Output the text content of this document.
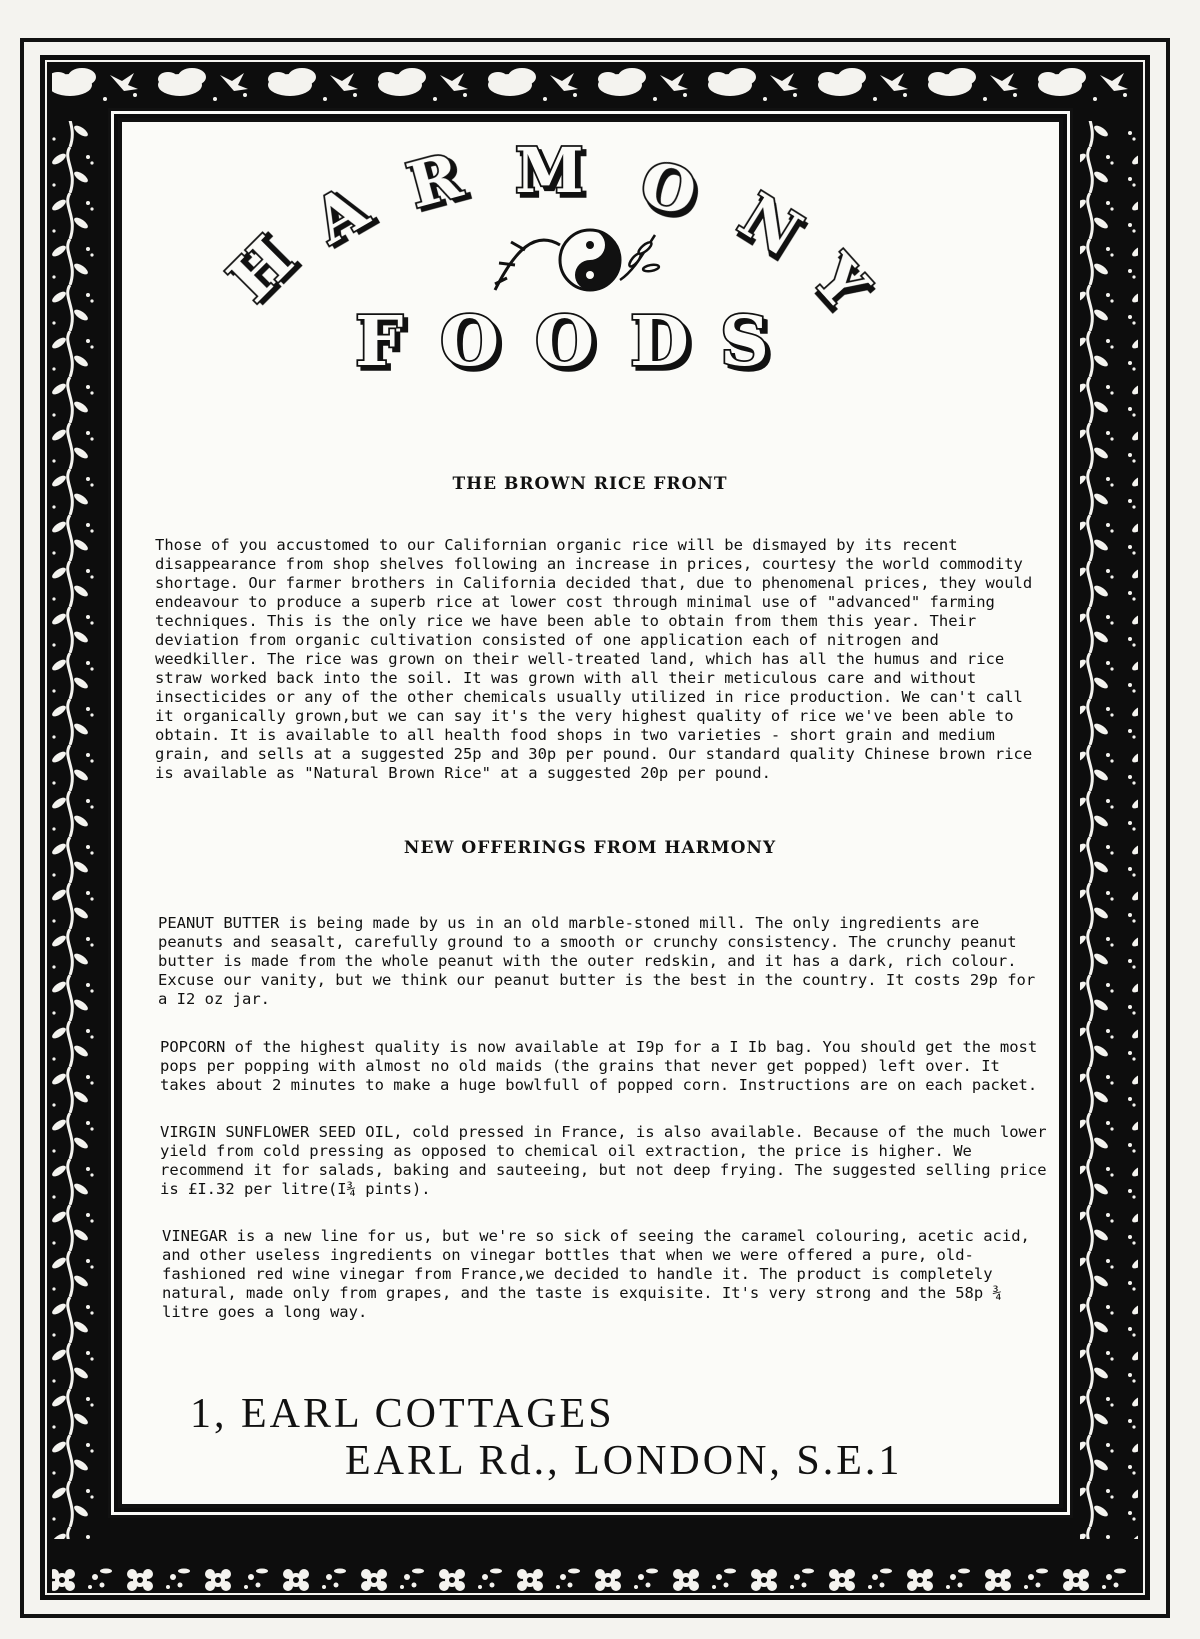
H
A R M O N
Y
F O O D S
THE BROWN RICE FRONT

Those of you accustomed to our Californian organic rice will be dismayed by its recent disappearance from shop shelves following an increase in prices, courtesy the world commodity shortage. Our farmer brothers in California decided that, due to phenomenal prices, they would endeavour to produce a superb rice at lower cost through minimal use of "advanced" farming techniques. This is the only rice we have been able to obtain from them this year. Their deviation from organic cultivation consisted of one application each of nitrogen and weedkiller. The rice was grown on their well-treated land, which has all the humus and rice straw worked back into the soil. It was grown with all their meticulous care and without insecticides or any of the other chemicals usually utilized in rice production. We can't call it organically grown,but we can say it's the very highest quality of rice we've been able to obtain. It is available to all health food shops in two varieties - short grain and medium grain, and sells at a suggested 25p and 30p per pound. Our standard quality Chinese brown rice is available as "Natural Brown Rice" at a suggested 20p per pound.

NEW OFFERINGS FROM HARMONY

PEANUT BUTTER is being made by us in an old marble-stoned mill. The only ingredients are peanuts and seasalt, carefully ground to a smooth or crunchy consistency. The crunchy peanut butter is made from the whole peanut with the outer redskin, and it has a dark, rich colour. Excuse our vanity, but we think our peanut butter is the best in the country. It costs 29p for a I2 oz jar.

POPCORN of the highest quality is now available at I9p for a I Ib bag. You should get the most pops per popping with almost no old maids (the grains that never get popped) left over. It takes about 2 minutes to make a huge bowlfull of popped corn. Instructions are on each packet.

VIRGIN SUNFLOWER SEED OIL, cold pressed in France, is also available. Because of the much lower yield from cold pressing as opposed to chemical oil extraction, the price is higher. We recommend it for salads, baking and sauteeing, but not deep frying. The suggested selling price is £I.32 per litre(I¾ pints).

VINEGAR is a new line for us, but we're so sick of seeing the caramel colouring, acetic acid, and other useless ingredients on vinegar bottles that when we were offered a pure, old-fashioned red wine vinegar from France,we decided to handle it. The product is completely natural, made only from grapes, and the taste is exquisite. It's very strong and the 58p ¾ litre goes a long way.

1, EARL COTTAGES
EARL Rd., LONDON, S.E.1
